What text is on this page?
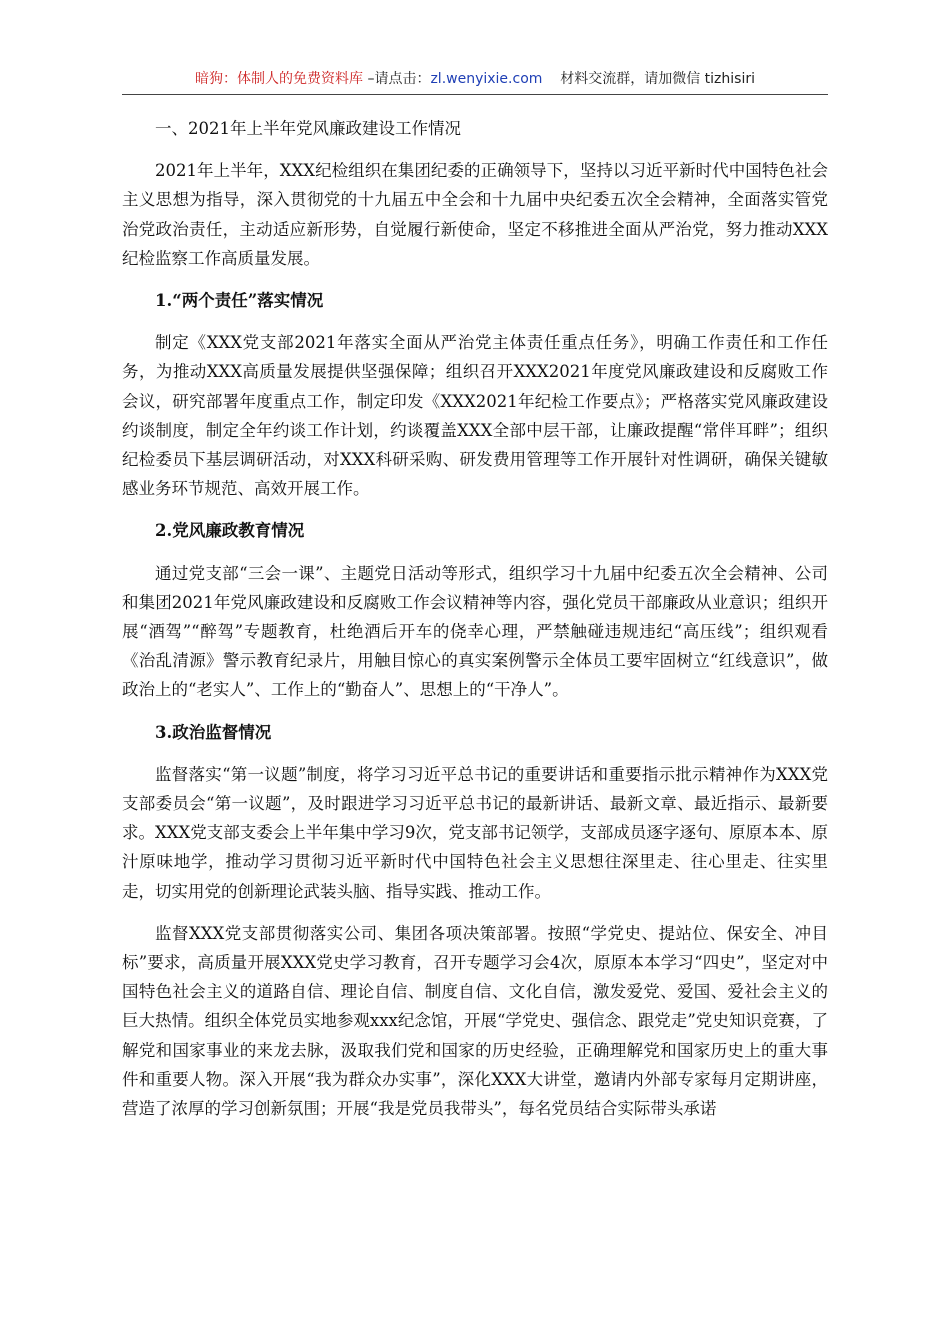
暗狗：体制人的免费资料库 –请点击：zl.wenyixie.com 材料交流群，请加微信 tizhisiri

一、2021年上半年党风廉政建设工作情况

2021年上半年，XXX纪检组织在集团纪委的正确领导下，坚持以习近平新时代中国特色社会主义思想为指导，深入贯彻党的十九届五中全会和十九届中央纪委五次全会精神，全面落实管党治党政治责任，主动适应新形势，自觉履行新使命，坚定不移推进全面从严治党，努力推动XXX纪检监察工作高质量发展。

1.“两个责任”落实情况

制定《XXX党支部2021年落实全面从严治党主体责任重点任务》，明确工作责任和工作任务，为推动XXX高质量发展提供坚强保障；组织召开XXX2021年度党风廉政建设和反腐败工作会议，研究部署年度重点工作，制定印发《XXX2021年纪检工作要点》；严格落实党风廉政建设约谈制度，制定全年约谈工作计划，约谈覆盖XXX全部中层干部，让廉政提醒“常伴耳畔”；组织纪检委员下基层调研活动，对XXX科研采购、研发费用管理等工作开展针对性调研，确保关键敏感业务环节规范、高效开展工作。

2.党风廉政教育情况

通过党支部“三会一课”、主题党日活动等形式，组织学习十九届中纪委五次全会精神、公司和集团2021年党风廉政建设和反腐败工作会议精神等内容，强化党员干部廉政从业意识；组织开展“酒驾”“醉驾”专题教育，杜绝酒后开车的侥幸心理，严禁触碰违规违纪“高压线”；组织观看《治乱清源》警示教育纪录片，用触目惊心的真实案例警示全体员工要牢固树立“红线意识”，做政治上的“老实人”、工作上的“勤奋人”、思想上的“干净人”。

3.政治监督情况

监督落实“第一议题”制度，将学习习近平总书记的重要讲话和重要指示批示精神作为XXX党支部委员会“第一议题”，及时跟进学习习近平总书记的最新讲话、最新文章、最近指示、最新要求。XXX党支部支委会上半年集中学习9次，党支部书记领学，支部成员逐字逐句、原原本本、原汁原味地学，推动学习贯彻习近平新时代中国特色社会主义思想往深里走、往心里走、往实里走，切实用党的创新理论武装头脑、指导实践、推动工作。

监督XXX党支部贯彻落实公司、集团各项决策部署。按照“学党史、提站位、保安全、冲目标”要求，高质量开展XXX党史学习教育，召开专题学习会4次，原原本本学习“四史”，坚定对中国特色社会主义的道路自信、理论自信、制度自信、文化自信，激发爱党、爱国、爱社会主义的巨大热情。组织全体党员实地参观xxx纪念馆，开展“学党史、强信念、跟党走”党史知识竞赛，了解党和国家事业的来龙去脉，汲取我们党和国家的历史经验，正确理解党和国家历史上的重大事件和重要人物。深入开展“我为群众办实事”，深化XXX大讲堂，邀请内外部专家每月定期讲座，营造了浓厚的学习创新氛围；开展“我是党员我带头”，每名党员结合实际带头承诺
